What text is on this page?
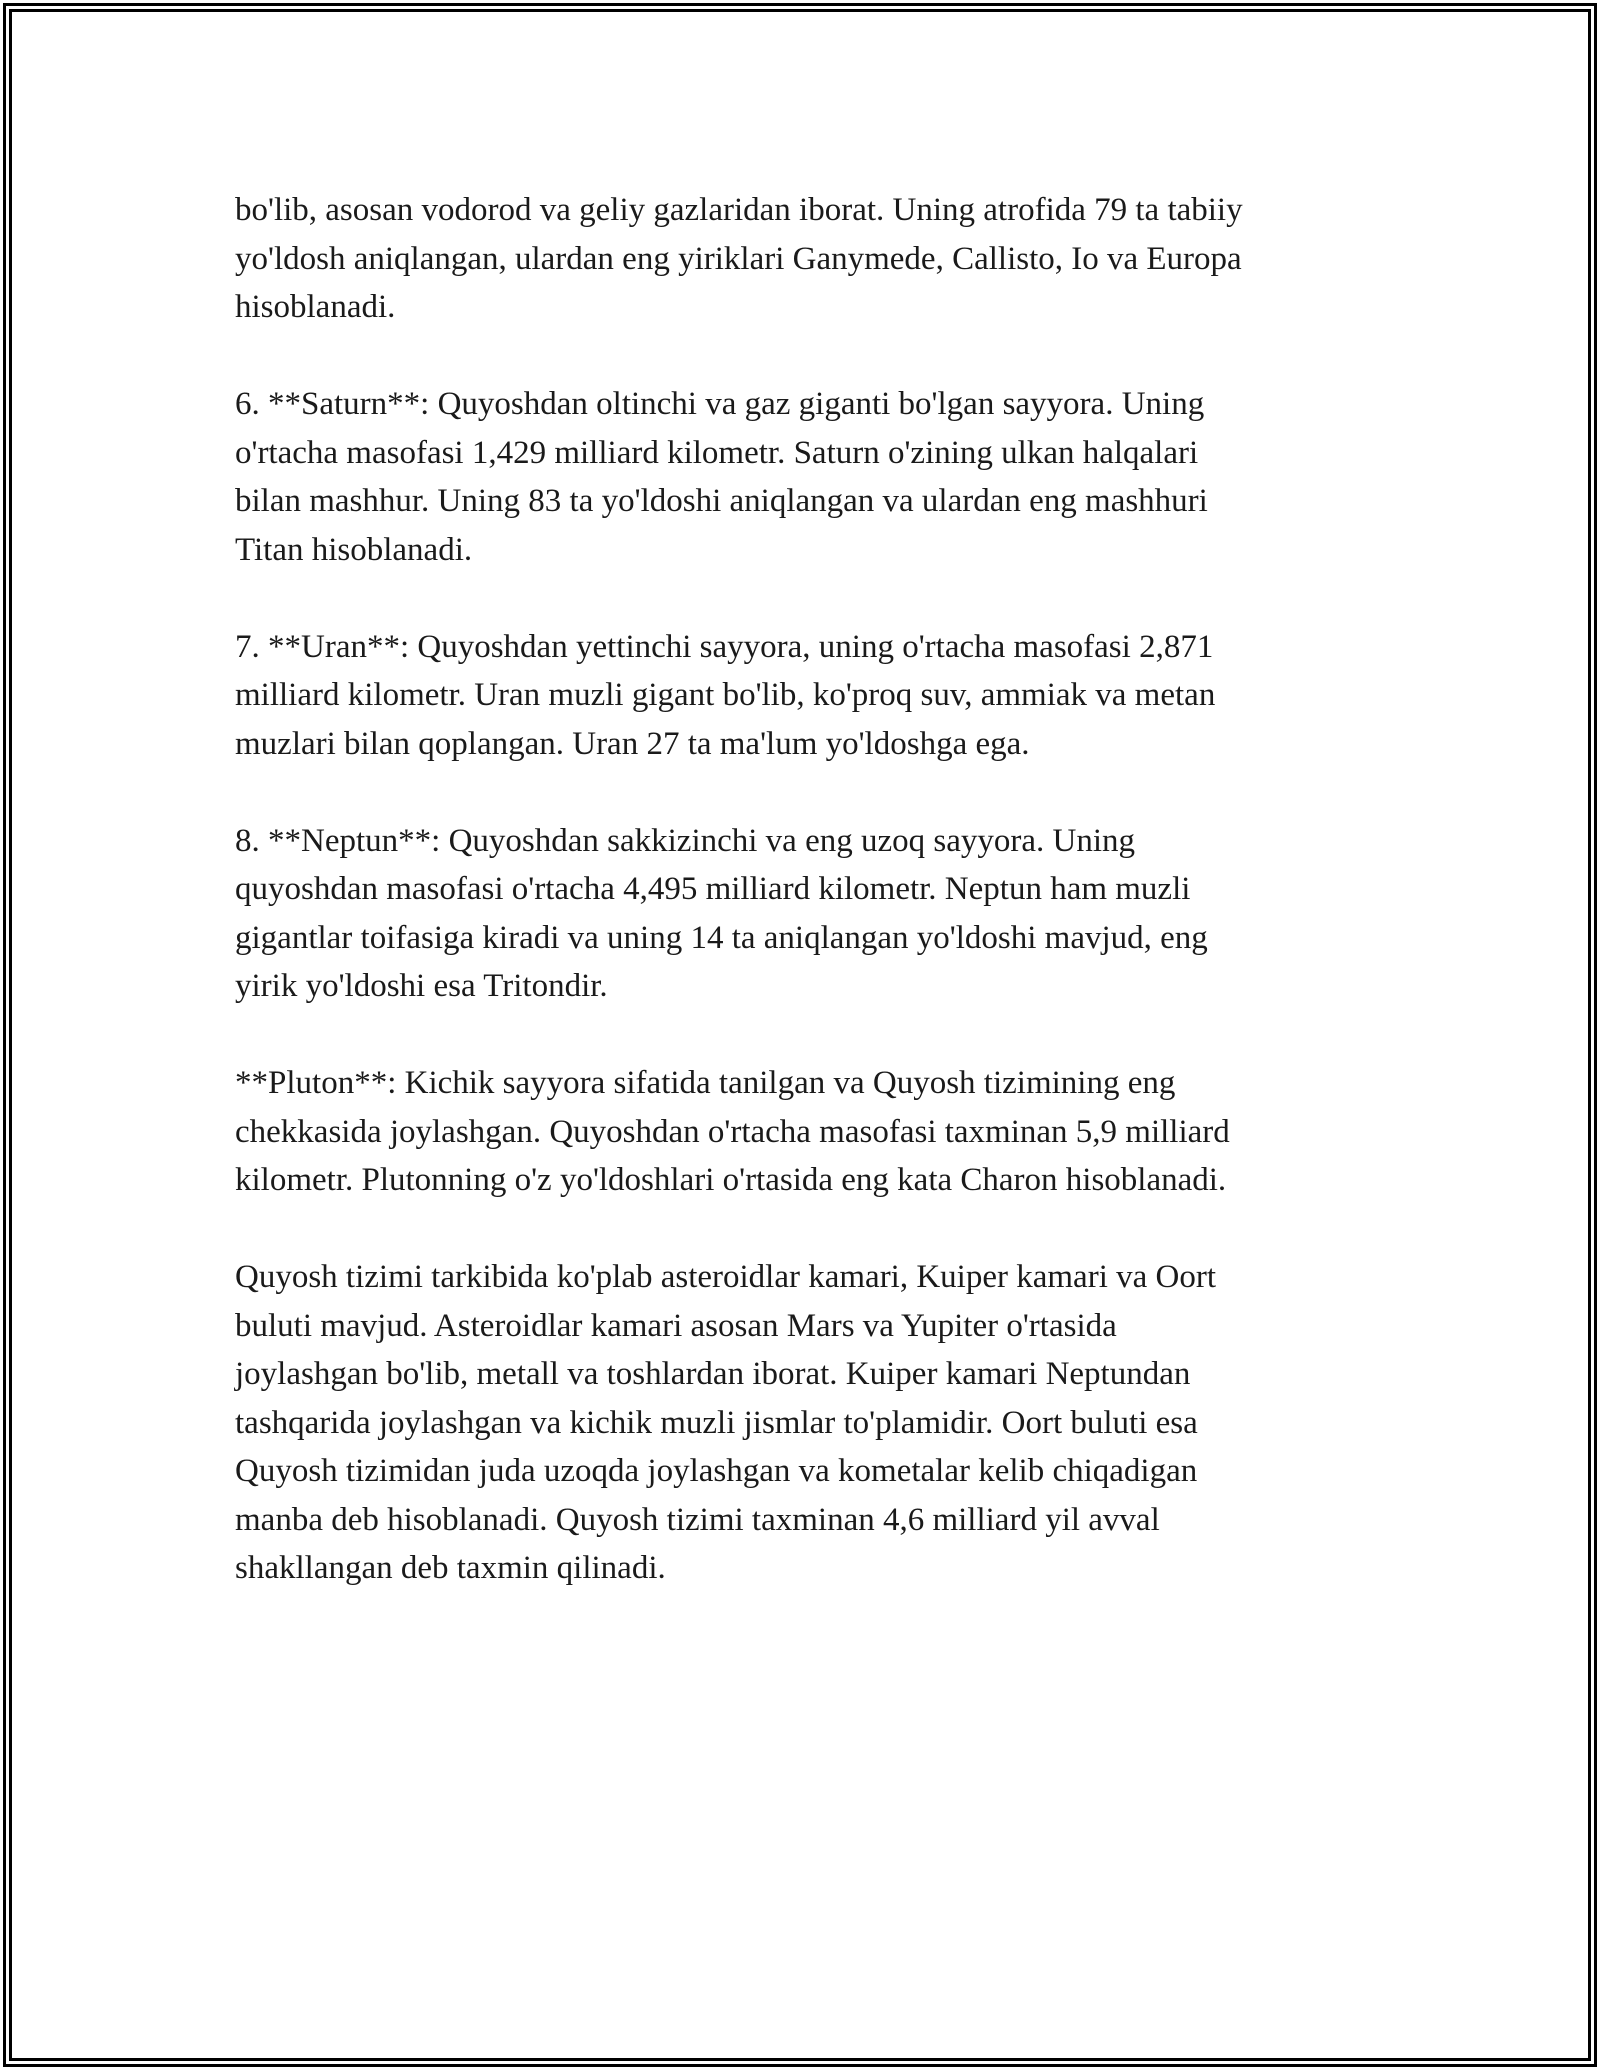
bo'lib, asosan vodorod va geliy gazlaridan iborat. Uning atrofida 79 ta tabiiy
yo'ldosh aniqlangan, ulardan eng yiriklari Ganymede, Callisto, Io va Europa
hisoblanadi.

6. **Saturn**: Quyoshdan oltinchi va gaz giganti bo'lgan sayyora. Uning
o'rtacha masofasi 1,429 milliard kilometr. Saturn o'zining ulkan halqalari
bilan mashhur. Uning 83 ta yo'ldoshi aniqlangan va ulardan eng mashhuri
Titan hisoblanadi.

7. **Uran**: Quyoshdan yettinchi sayyora, uning o'rtacha masofasi 2,871
milliard kilometr. Uran muzli gigant bo'lib, ko'proq suv, ammiak va metan
muzlari bilan qoplangan. Uran 27 ta ma'lum yo'ldoshga ega.

8. **Neptun**: Quyoshdan sakkizinchi va eng uzoq sayyora. Uning
quyoshdan masofasi o'rtacha 4,495 milliard kilometr. Neptun ham muzli
gigantlar toifasiga kiradi va uning 14 ta aniqlangan yo'ldoshi mavjud, eng
yirik yo'ldoshi esa Tritondir.

**Pluton**: Kichik sayyora sifatida tanilgan va Quyosh tizimining eng
chekkasida joylashgan. Quyoshdan o'rtacha masofasi taxminan 5,9 milliard
kilometr. Plutonning o'z yo'ldoshlari o'rtasida eng kata Charon hisoblanadi.

Quyosh tizimi tarkibida ko'plab asteroidlar kamari, Kuiper kamari va Oort
buluti mavjud. Asteroidlar kamari asosan Mars va Yupiter o'rtasida
joylashgan bo'lib, metall va toshlardan iborat. Kuiper kamari Neptundan
tashqarida joylashgan va kichik muzli jismlar to'plamidir. Oort buluti esa
Quyosh tizimidan juda uzoqda joylashgan va kometalar kelib chiqadigan
manba deb hisoblanadi. Quyosh tizimi taxminan 4,6 milliard yil avval
shakllangan deb taxmin qilinadi.
